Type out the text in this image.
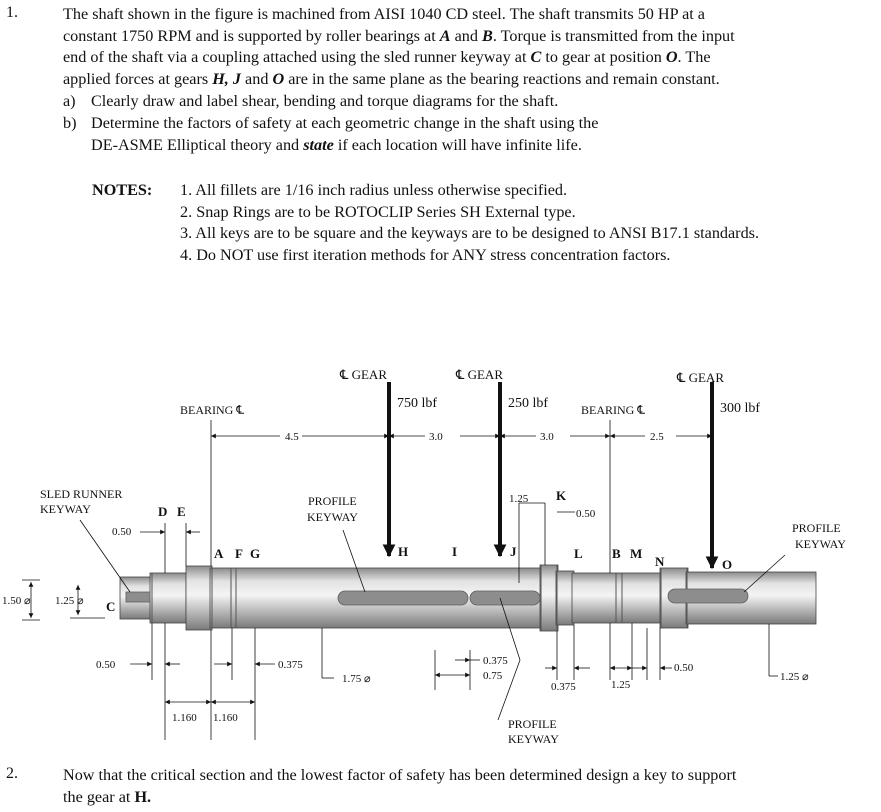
1.	The shaft shown in the figure is machined from AISI 1040 CD steel. The shaft transmits 50 HP at a
constant 1750 RPM and is supported by roller bearings at A and B. Torque is transmitted from the input
end of the shaft via a coupling attached using the sled runner keyway at C to gear at position O. The
applied forces at gears H, J and O are in the same plane as the bearing reactions and remain constant.
a) Clearly draw and label shear, bending and torque diagrams for the shaft.
b) Determine the factors of safety at each geometric change in the shaft using the
DE-ASME Elliptical theory and state if each location will have infinite life.
NOTES: 1. All fillets are 1/16 inch radius unless otherwise specified.
2. Snap Rings are to be ROTOCLIP Series SH External type.
3. All keys are to be square and the keyways are to be designed to ANSI B17.1 standards.
4. Do NOT use first iteration methods for ANY stress concentration factors.
℄ GEAR	℄ GEAR	℄ GEAR
BEARING ℄	BEARING ℄
750 lbf	250 lbf	300 lbf
4.5	3.0	3.0	2.5
SLED RUNNER
KEYWAY
PROFILE
KEYWAY
PROFILE
KEYWAY
PROFILE
KEYWAY
D E
A F G	H	I	J
K
L B M
N	O
C
1.50 ⌀ 1.25 ⌀
0.50
0.50
1.25
0.50
0.375
1.75 ⌀
0.375
0.75
0.375	1.25
0.50
1.25 ⌀
1.160 1.160
2.	Now that the critical section and the lowest factor of safety has been determined design a key to support
the gear at H.
